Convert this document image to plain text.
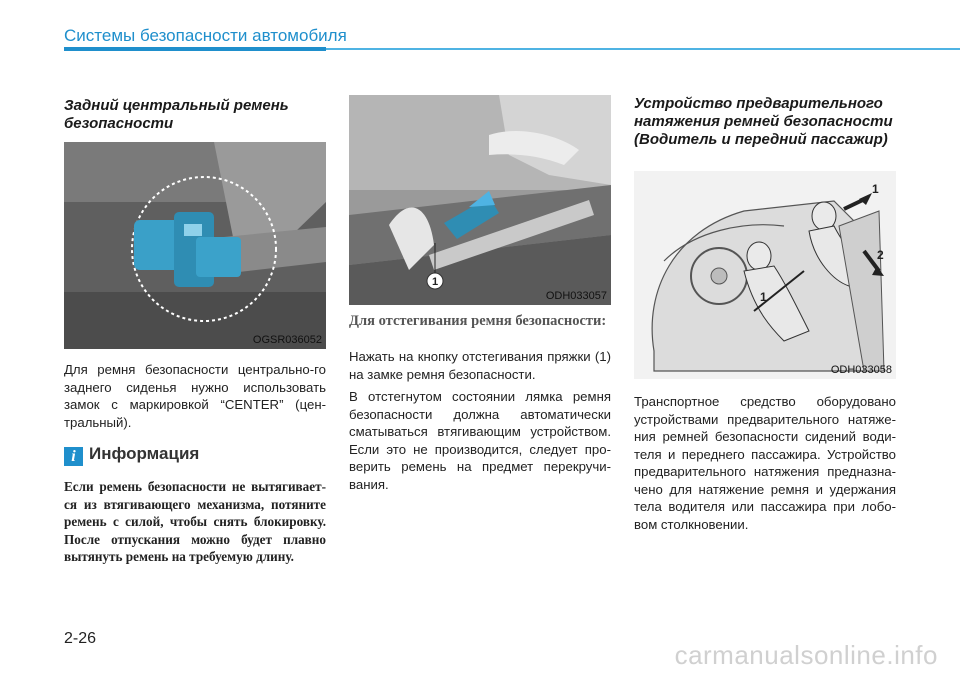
Системы безопасности автомобиля
Задний центральный ремень безопасности
OGSR036052
Для ремня безопасности центрально-го заднего сиденья нужно использовать замок с маркировкой “CENTER” (цен-тральный).
i Информация
Если ремень безопасности не вытягивает-ся из втягивающего механизма, потяните ремень с силой, чтобы снять блокировку. После отпускания можно будет плавно вытянуть ремень на требуемую длину.
1
ODH033057
Для отстегивания ремня безопасности:
Нажать на кнопку отстегивания пряжки (1) на замке ремня безопасности.
В отстегнутом состоянии лямка ремня безопасности должна автоматически сматываться втягивающим устройством. Если это не производится, следует про-верить ремень на предмет перекручи-вания.
Устройство предварительного натяжения ремней безопасности (Водитель и передний пассажир)
1
2
1
ODH033058
Транспортное средство оборудовано устройствами предварительного натяже-ния ремней безопасности сидений води-теля и переднего пассажира. Устройство предварительного натяжения предназна-чено для натяжение ремня и удержания тела водителя или пассажира при лобо-вом столкновении.
2-26
carmanualsonline.info
